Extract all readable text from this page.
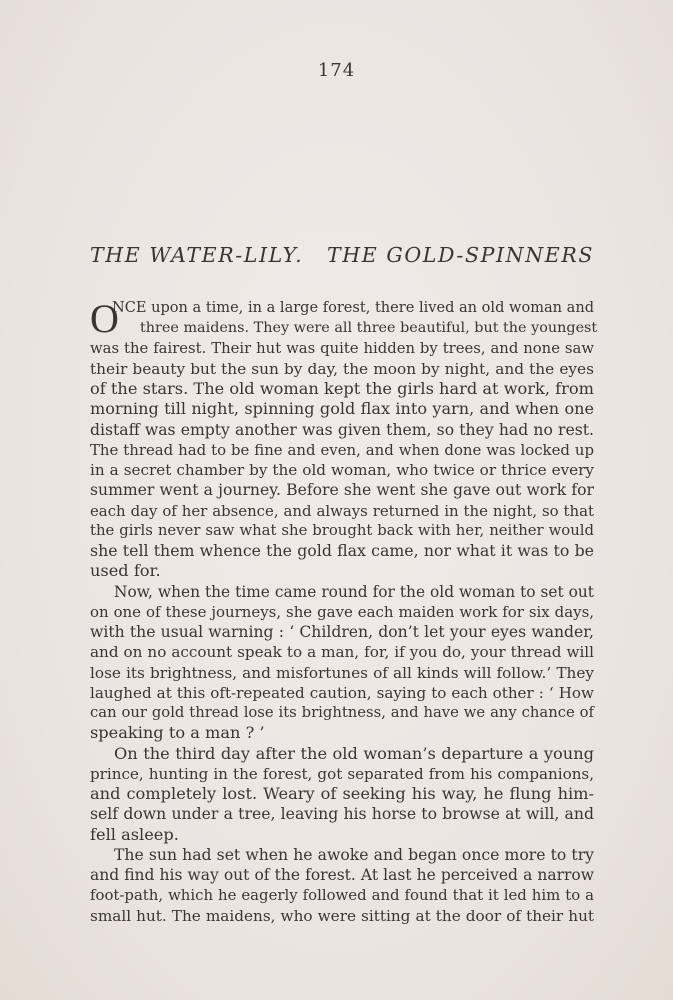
174
THE WATER-LILY. THE GOLD-SPINNERS
O
NCE upon a time, in a large forest, there lived an old woman and
three maidens. They were all three beautiful, but the youngest
was the fairest. Their hut was quite hidden by trees, and none saw
their beauty but the sun by day, the moon by night, and the eyes
of the stars. The old woman kept the girls hard at work, from
morning till night, spinning gold flax into yarn, and when one
distaff was empty another was given them, so they had no rest.
The thread had to be fine and even, and when done was locked up
in a secret chamber by the old woman, who twice or thrice every
summer went a journey. Before she went she gave out work for
each day of her absence, and always returned in the night, so that
the girls never saw what she brought back with her, neither would
she tell them whence the gold flax came, nor what it was to be
used for.
Now, when the time came round for the old woman to set out
on one of these journeys, she gave each maiden work for six days,
with the usual warning : ‘ Children, don’t let your eyes wander,
and on no account speak to a man, for, if you do, your thread will
lose its brightness, and misfortunes of all kinds will follow.’ They
laughed at this oft-repeated caution, saying to each other : ‘ How
can our gold thread lose its brightness, and have we any chance of
speaking to a man ? ’
On the third day after the old woman’s departure a young
prince, hunting in the forest, got separated from his companions,
and completely lost. Weary of seeking his way, he flung him-
self down under a tree, leaving his horse to browse at will, and
fell asleep.
The sun had set when he awoke and began once more to try
and find his way out of the forest. At last he perceived a narrow
foot-path, which he eagerly followed and found that it led him to a
small hut. The maidens, who were sitting at the door of their hut
